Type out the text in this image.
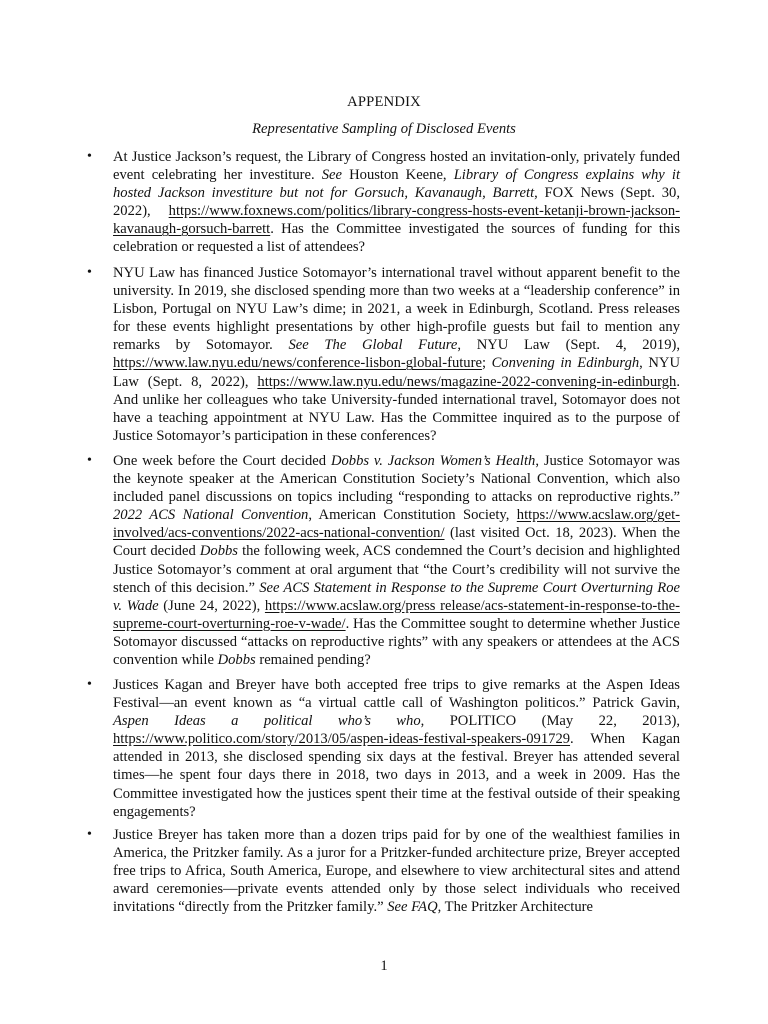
APPENDIX
Representative Sampling of Disclosed Events
• At Justice Jackson’s request, the Library of Congress hosted an invitation-only, privately funded event celebrating her investiture. See Houston Keene, Library of Congress explains why it hosted Jackson investiture but not for Gorsuch, Kavanaugh, Barrett, FOX News (Sept. 30, 2022), https://www.foxnews.com/politics/library-congress-hosts-event-ketanji-brown-jackson-kavanaugh-gorsuch-barrett. Has the Committee investigated the sources of funding for this celebration or requested a list of attendees?
• NYU Law has financed Justice Sotomayor’s international travel without apparent benefit to the university. In 2019, she disclosed spending more than two weeks at a “leadership conference” in Lisbon, Portugal on NYU Law’s dime; in 2021, a week in Edinburgh, Scotland. Press releases for these events highlight presentations by other high-profile guests but fail to mention any remarks by Sotomayor. See The Global Future, NYU Law (Sept. 4, 2019), https://www.law.nyu.edu/news/conference-lisbon-global-future; Convening in Edinburgh, NYU Law (Sept. 8, 2022), https://www.law.nyu.edu/news/magazine-2022-convening-in-edinburgh. And unlike her colleagues who take University-funded international travel, Sotomayor does not have a teaching appointment at NYU Law. Has the Committee inquired as to the purpose of Justice Sotomayor’s participation in these conferences?
• One week before the Court decided Dobbs v. Jackson Women’s Health, Justice Sotomayor was the keynote speaker at the American Constitution Society’s National Convention, which also included panel discussions on topics including “responding to attacks on reproductive rights.” 2022 ACS National Convention, American Constitution Society, https://www.acslaw.org/get-involved/acs-conventions/2022-acs-national-convention/ (last visited Oct. 18, 2023). When the Court decided Dobbs the following week, ACS condemned the Court’s decision and highlighted Justice Sotomayor’s comment at oral argument that “the Court’s credibility will not survive the stench of this decision.” See ACS Statement in Response to the Supreme Court Overturning Roe v. Wade (June 24, 2022), https://www.acslaw.org/press release/acs-statement-in-response-to-the-supreme-court-overturning-roe-v-wade/. Has the Committee sought to determine whether Justice Sotomayor discussed “attacks on reproductive rights” with any speakers or attendees at the ACS convention while Dobbs remained pending?
• Justices Kagan and Breyer have both accepted free trips to give remarks at the Aspen Ideas Festival—an event known as “a virtual cattle call of Washington politicos.” Patrick Gavin, Aspen Ideas a political who’s who, POLITICO (May 22, 2013), https://www.politico.com/story/2013/05/aspen-ideas-festival-speakers-091729. When Kagan attended in 2013, she disclosed spending six days at the festival. Breyer has attended several times—he spent four days there in 2018, two days in 2013, and a week in 2009. Has the Committee investigated how the justices spent their time at the festival outside of their speaking engagements?
• Justice Breyer has taken more than a dozen trips paid for by one of the wealthiest families in America, the Pritzker family. As a juror for a Pritzker-funded architecture prize, Breyer accepted free trips to Africa, South America, Europe, and elsewhere to view architectural sites and attend award ceremonies—private events attended only by those select individuals who received invitations “directly from the Pritzker family.” See FAQ, The Pritzker Architecture
1
